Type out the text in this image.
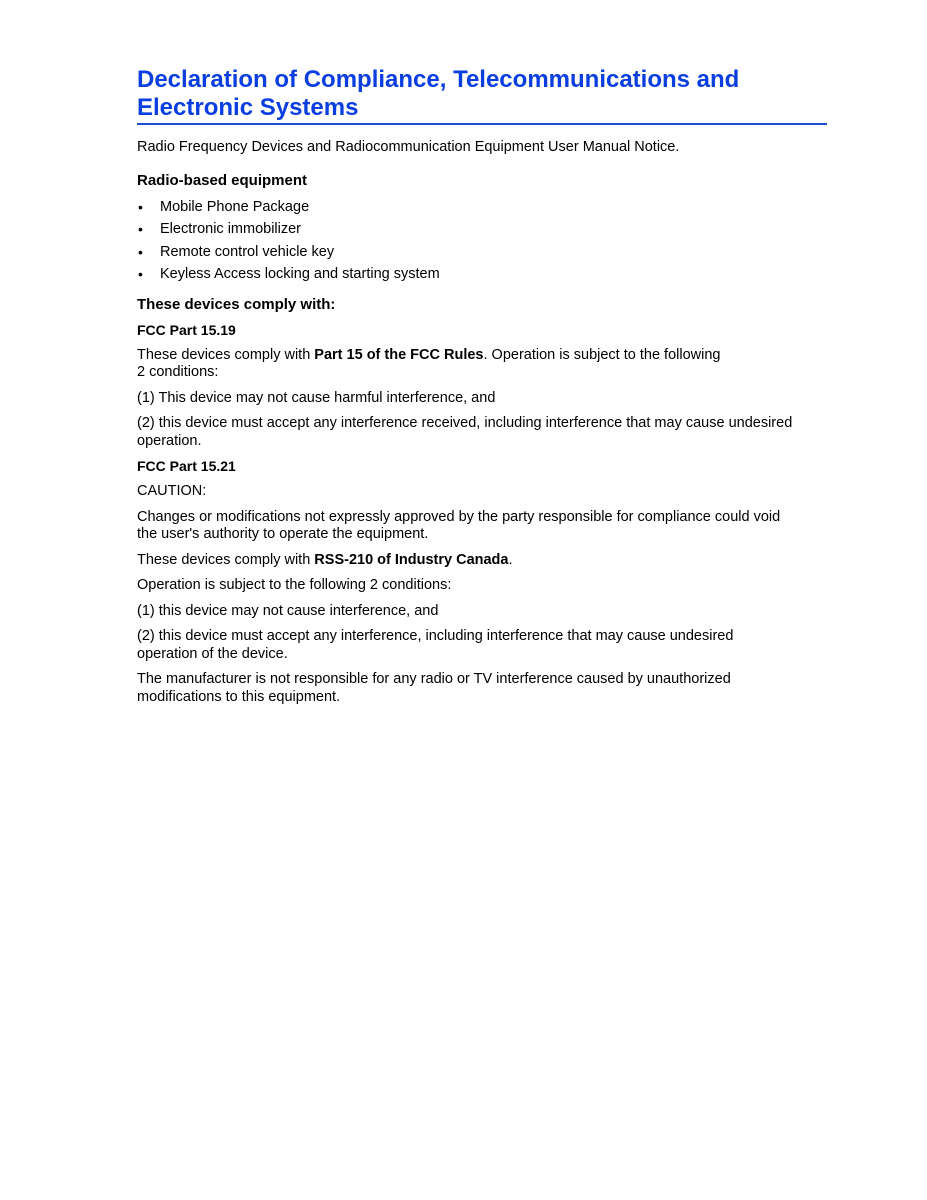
Declaration of Compliance, Telecommunications and
Electronic Systems

Radio Frequency Devices and Radiocommunication Equipment User Manual Notice.

Radio-based equipment
• Mobile Phone Package
• Electronic immobilizer
• Remote control vehicle key
• Keyless Access locking and starting system
These devices comply with:
FCC Part 15.19

These devices comply with Part 15 of the FCC Rules. Operation is subject to the following
2 conditions:

(1) This device may not cause harmful interference, and

(2) this device must accept any interference received, including interference that may cause undesired
operation.

FCC Part 15.21

CAUTION:

Changes or modifications not expressly approved by the party responsible for compliance could void
the user's authority to operate the equipment.

These devices comply with RSS-210 of Industry Canada.

Operation is subject to the following 2 conditions:

(1) this device may not cause interference, and

(2) this device must accept any interference, including interference that may cause undesired
operation of the device.

The manufacturer is not responsible for any radio or TV interference caused by unauthorized
modifications to this equipment.
